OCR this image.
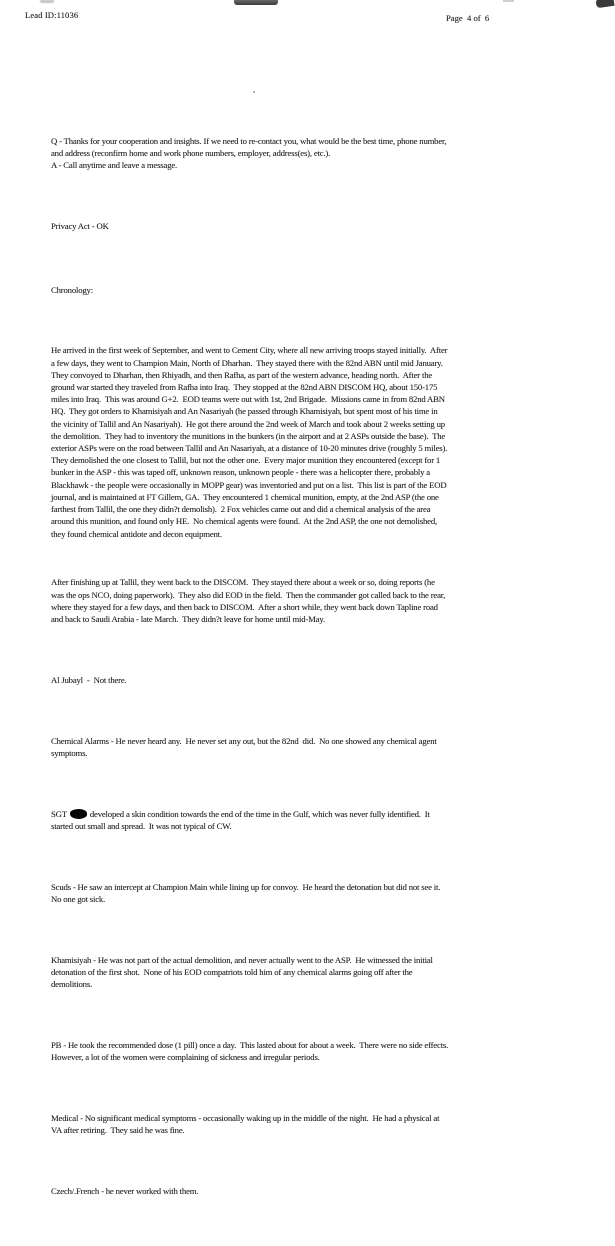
Lead ID:11036	Page  4 of  6

Q - Thanks for your cooperation and insights. If we need to re-contact you, what would be the best time, phone number, and address (reconfirm home and work phone numbers, employer, address(es), etc.).
A - Call anytime and leave a message.

Privacy Act - OK

Chronology:

He arrived in the first week of September, and went to Cement City, where all new arriving troops stayed initially.  After a few days, they went to Champion Main, North of Dharhan.  They stayed there with the 82nd ABN until mid January.  They convoyed to Dharhan, then Rhiyadh, and then Rafha, as part of the western advance, heading north.  After the ground war started they traveled from Rafha into Iraq.  They stopped at the 82nd ABN DISCOM HQ, about 150-175 miles into Iraq.  This was around G+2.  EOD teams were out with 1st, 2nd Brigade.  Missions came in from 82nd ABN HQ.  They got orders to Khamisiyah and An Nasariyah (he passed through Khamisiyah, but spent most of his time in the vicinity of Tallil and An Nasariyah).  He got there around the 2nd week of March and took about 2 weeks setting up the demolition.  They had to inventory the munitions in the bunkers (in the airport and at 2 ASPs outside the base).  The exterior ASPs were on the road between Tallil and An Nasariyah, at a distance of 10-20 minutes drive (roughly 5 miles).  They demolished the one closest to Tallil, but not the other one.  Every major munition they encountered (except for 1 bunker in the ASP - this was taped off, unknown reason, unknown people - there was a helicopter there, probably a Blackhawk - the people were occasionally in MOPP gear) was inventoried and put on a list.  This list is part of the EOD journal, and is maintained at FT Gillem, GA.  They encountered 1 chemical munition, empty, at the 2nd ASP (the one farthest from Tallil, the one they didn?t demolish).  2 Fox vehicles came out and did a chemical analysis of the area around this munition, and found only HE.  No chemical agents were found.  At the 2nd ASP, the one not demolished, they found chemical antidote and decon equipment.

After finishing up at Tallil, they went back to the DISCOM.  They stayed there about a week or so, doing reports (he was the ops NCO, doing paperwork).  They also did EOD in the field.  Then the commander got called back to the rear, where they stayed for a few days, and then back to DISCOM.  After a short while, they went back down Tapline road and back to Saudi Arabia - late March.  They didn?t leave for home until mid-May.

Al Jubayl  -  Not there.

Chemical Alarms - He never heard any.  He never set any out, but the 82nd  did.  No one showed any chemical agent symptoms.

SGT	developed a skin condition towards the end of the time in the Gulf, which was never fully identified.  It started out small and spread.  It was not typical of CW.

Scuds - He saw an intercept at Champion Main while lining up for convoy.  He heard the detonation but did not see it.  No one got sick.

Khamisiyah - He was not part of the actual demolition, and never actually went to the ASP.  He witnessed the initial detonation of the first shot.  None of his EOD compatriots told him of any chemical alarms going off after the demolitions.

PB - He took the recommended dose (1 pill) once a day.  This lasted about for about a week.  There were no side effects.  However, a lot of the women were complaining of sickness and irregular periods.

Medical - No significant medical symptoms - occasionally waking up in the middle of the night.  He had a physical at VA after retiring.  They said he was fine.

Czech/.French - he never worked with them.
